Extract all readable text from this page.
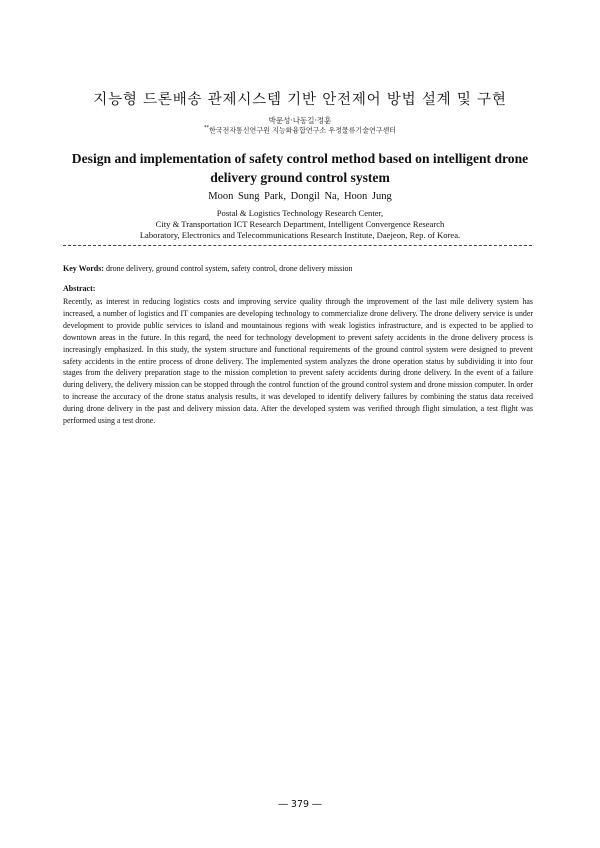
지능형 드론배송 관제시스템 기반 안전제어 방법 설계 및 구현
박문성·나동길·정훈
**한국전자통신연구원 지능화융합연구소 우정물류기술연구센터
Design and implementation of safety control method based on intelligent drone delivery ground control system
Moon Sung Park, Dongil Na, Hoon Jung
Postal & Logistics Technology Research Center,
City & Transportation ICT Research Department, Intelligent Convergence Research
Laboratory, Electronics and Telecommunications Research Institute, Daejeon, Rep. of Korea.
Key Words: drone delivery, ground control system, safety control, drone delivery mission
Abstract:
Recently, as interest in reducing logistics costs and improving service quality through the improvement of the last mile delivery system has increased, a number of logistics and IT companies are developing technology to commercialize drone delivery. The drone delivery service is under development to provide public services to island and mountainous regions with weak logistics infrastructure, and is expected to be applied to downtown areas in the future. In this regard, the need for technology development to prevent safety accidents in the drone delivery process is increasingly emphasized. In this study, the system structure and functional requirements of the ground control system were designed to prevent safety accidents in the entire process of drone delivery. The implemented system analyzes the drone operation status by subdividing it into four stages from the delivery preparation stage to the mission completion to prevent safety accidents during drone delivery. In the event of a failure during delivery, the delivery mission can be stopped through the control function of the ground control system and drone mission computer. In order to increase the accuracy of the drone status analysis results, it was developed to identify delivery failures by combining the status data received during drone delivery in the past and delivery mission data. After the developed system was verified through flight simulation, a test flight was performed using a test drone.
― 379 ―
